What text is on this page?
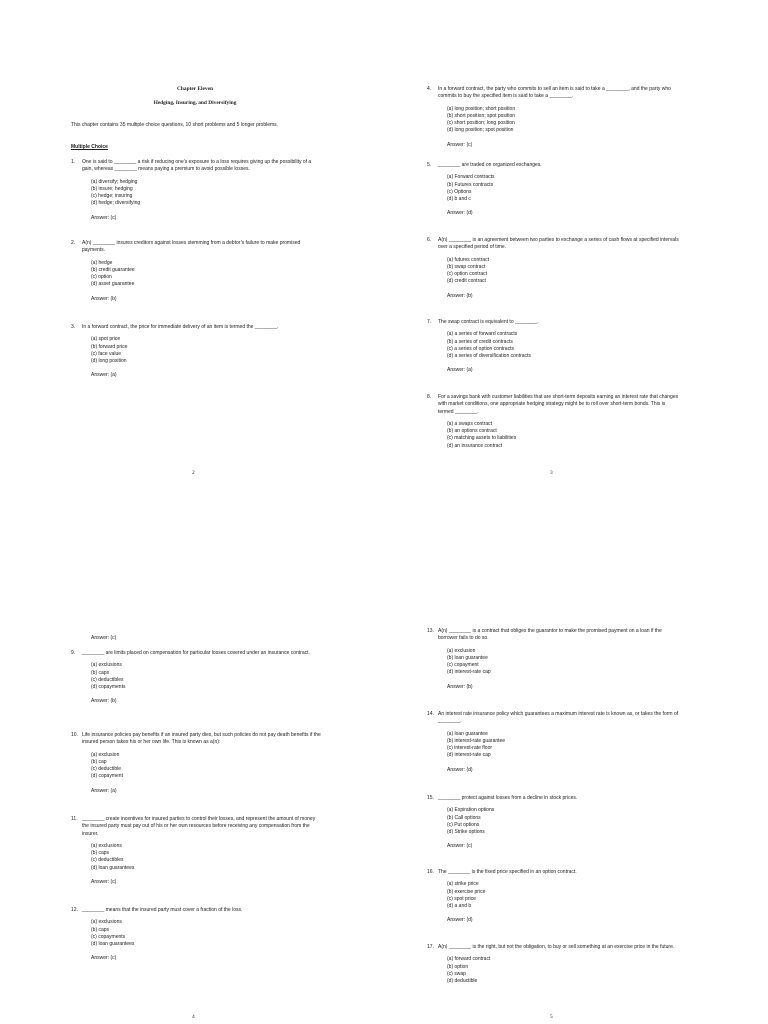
Chapter Eleven
Hedging, Insuring, and Diversifying
This chapter contains 35 multiple choice questions, 10 short problems and 5 longer problems.
Multiple Choice
1.	One is said to ________ a risk if reducing one’s exposure to a loss requires giving up the possibility of a gain, whereas ________ means paying a premium to avoid possible losses.
(a) diversify; hedging
(b) insure; hedging
(c) hedge; insuring
(d) hedge; diversifying
Answer: (c)
2.	A(n) ________ insures creditors against losses stemming from a debtor’s failure to make promised payments.
(a) hedge
(b) credit guarantee
(c) option
(d) asset guarantee
Answer: (b)
3.	In a forward contract, the price for immediate delivery of an item is termed the ________.
(a) spot price
(b) forward price
(c) face value
(d) long position
Answer: (a)
2
4.	In a forward contract, the party who commits to sell an item is said to take a ________, and the party who commits to buy the specified item is said to take a ________.
(a) long position; short position
(b) short position; spot position
(c) short position; long position
(d) long position; spot position
Answer: (c)
5.	________ are traded on organized exchanges.
(a) Forward contracts
(b) Futures contracts
(c) Options
(d) b and c
Answer: (d)
6.	A(n) ________ is an agreement between two parties to exchange a series of cash flows at specified intervals over a specified period of time.
(a) futures contract
(b) swap contract
(c) option contract
(d) credit contract
Answer: (b)
7.	The swap contract is equivalent to ________.
(a) a series of forward contracts
(b) a series of credit contracts
(c) a series of option contracts
(d) a series of diversification contracts
Answer: (a)
8.	For a savings bank with customer liabilities that are short-term deposits earning an interest rate that changes with market conditions, one appropriate hedging strategy might be to roll over short-term bonds. This is termed ________.
(a) a swaps contract
(b) an options contract
(c) matching assets to liabilities
(d) an insurance contract
3
Answer: (c)
9.	________ are limits placed on compensation for particular losses covered under an insurance contract.
(a) exclusions
(b) caps
(c) deductibles
(d) copayments
Answer: (b)
10. Life insurance policies pay benefits if an insured party dies, but such policies do not pay death benefits if the insured person takes his or her own life. This is known as a(n):
(a) exclusion
(b) cap
(c) deductible
(d) copayment
Answer: (a)
11. ________ create incentives for insured parties to control their losses, and represent the amount of money the insured party must pay out of his or her own resources before receiving any compensation from the insurer.
(a) exclusions
(b) caps
(c) deductibles
(d) loan guarantees
Answer: (c)
12. ________ means that the insured party must cover a fraction of the loss.
(a) exclusions
(b) caps
(c) copayments
(d) loan guarantees
Answer: (c)
4
13. A(n) ________ is a contract that obliges the guarantor to make the promised payment on a loan if the borrower fails to do so.
(a) exclusion
(b) loan guarantee
(c) copayment
(d) interest-rate cap
Answer: (b)
14. An interest rate insurance policy which guarantees a maximum interest rate is known as, or takes the form of ________.
(a) loan guarantee
(b) interest-rate guarantee
(c) interest-rate floor
(d) interest-rate cap
Answer: (d)
15. ________ protect against losses from a decline in stock prices.
(a) Expiration options
(b) Call options
(c) Put options
(d) Strike options
Answer: (c)
16. The ________ is the fixed price specified in an option contract.
(a) strike price
(b) exercise price
(c) spot price
(d) a and b
Answer: (d)
17. A(n) ________ is the right, but not the obligation, to buy or sell something at an exercise price in the future.
(a) forward contract
(b) option
(c) swap
(d) deductible
5
